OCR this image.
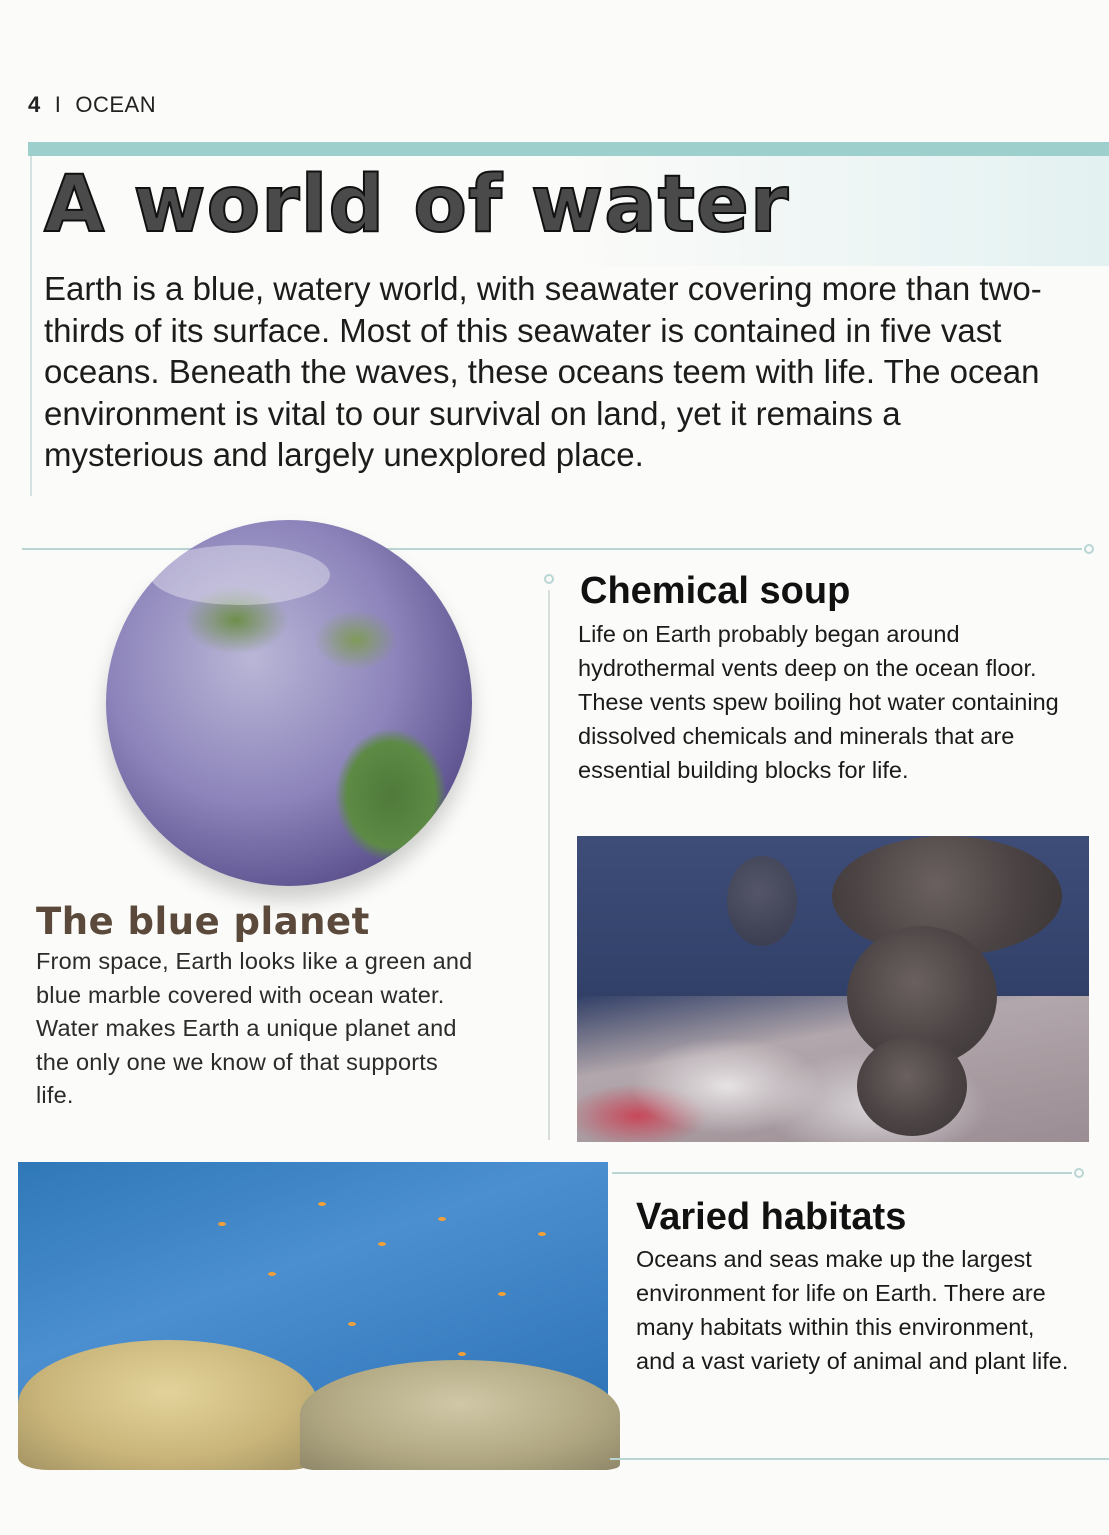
4 I OCEAN
A world of water

Earth is a blue, watery world, with seawater covering more than two-thirds of its surface. Most of this seawater is contained in five vast oceans. Beneath the waves, these oceans teem with life. The ocean environment is vital to our survival on land, yet it remains a mysterious and largely unexplored place.

The blue planet

From space, Earth looks like a green and blue marble covered with ocean water. Water makes Earth a unique planet and the only one we know of that supports life.

Chemical soup

Life on Earth probably began around hydrothermal vents deep on the ocean floor. These vents spew boiling hot water containing dissolved chemicals and minerals that are essential building blocks for life.

Varied habitats

Oceans and seas make up the largest environment for life on Earth. There are many habitats within this environment, and a vast variety of animal and plant life.
